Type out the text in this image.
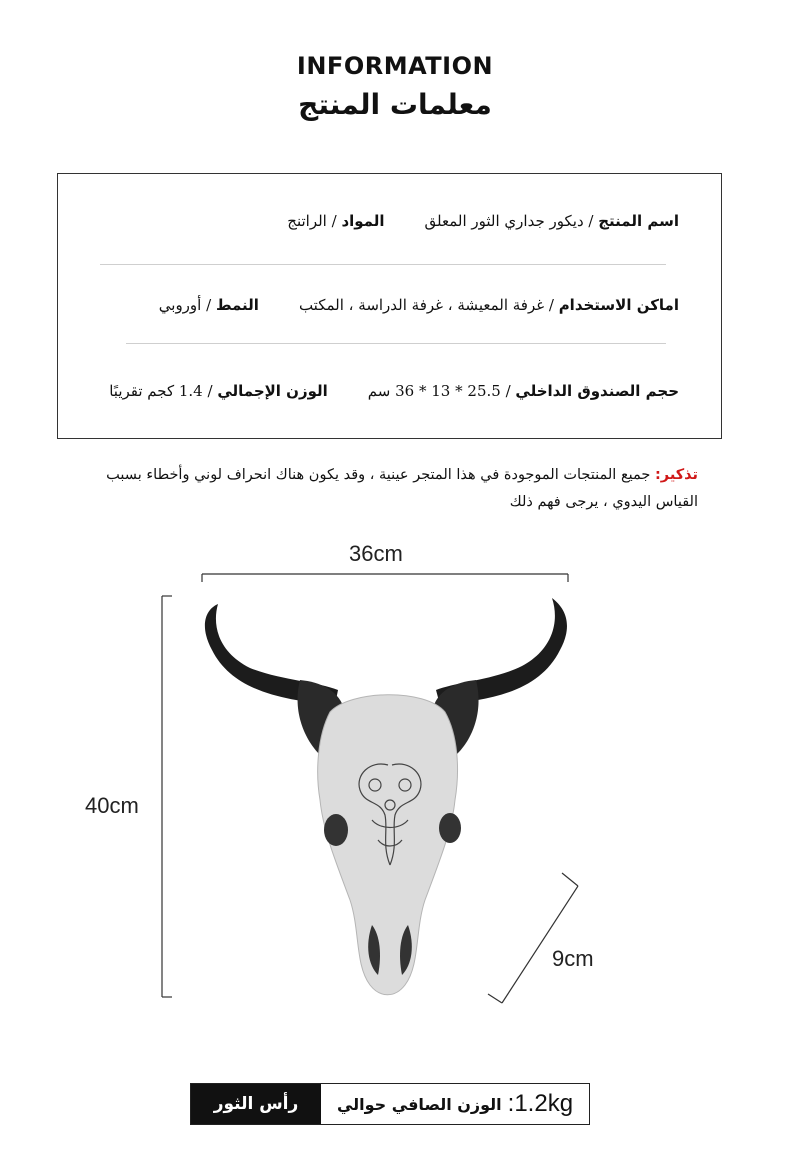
INFORMATION
معلمات المنتج
اسم المنتج / ديكور جداري الثور المعلقالمواد / الراتنج
اماكن الاستخدام / غرفة المعيشة ، غرفة الدراسة ، المكتبالنمط / أوروبي
حجم الصندوق الداخلي / 25.5 * 13 * 36 سمالوزن الإجمالي / 1.4 كجم تقريبًا
تذكير: جميع المنتجات الموجودة في هذا المتجر عينية ، وقد يكون هناك انحراف لوني وأخطاء بسبب القياس اليدوي ، يرجى فهم ذلك
36cm
40cm
9cm
رأس الثور	الوزن الصافي حوالي :1.2kg
